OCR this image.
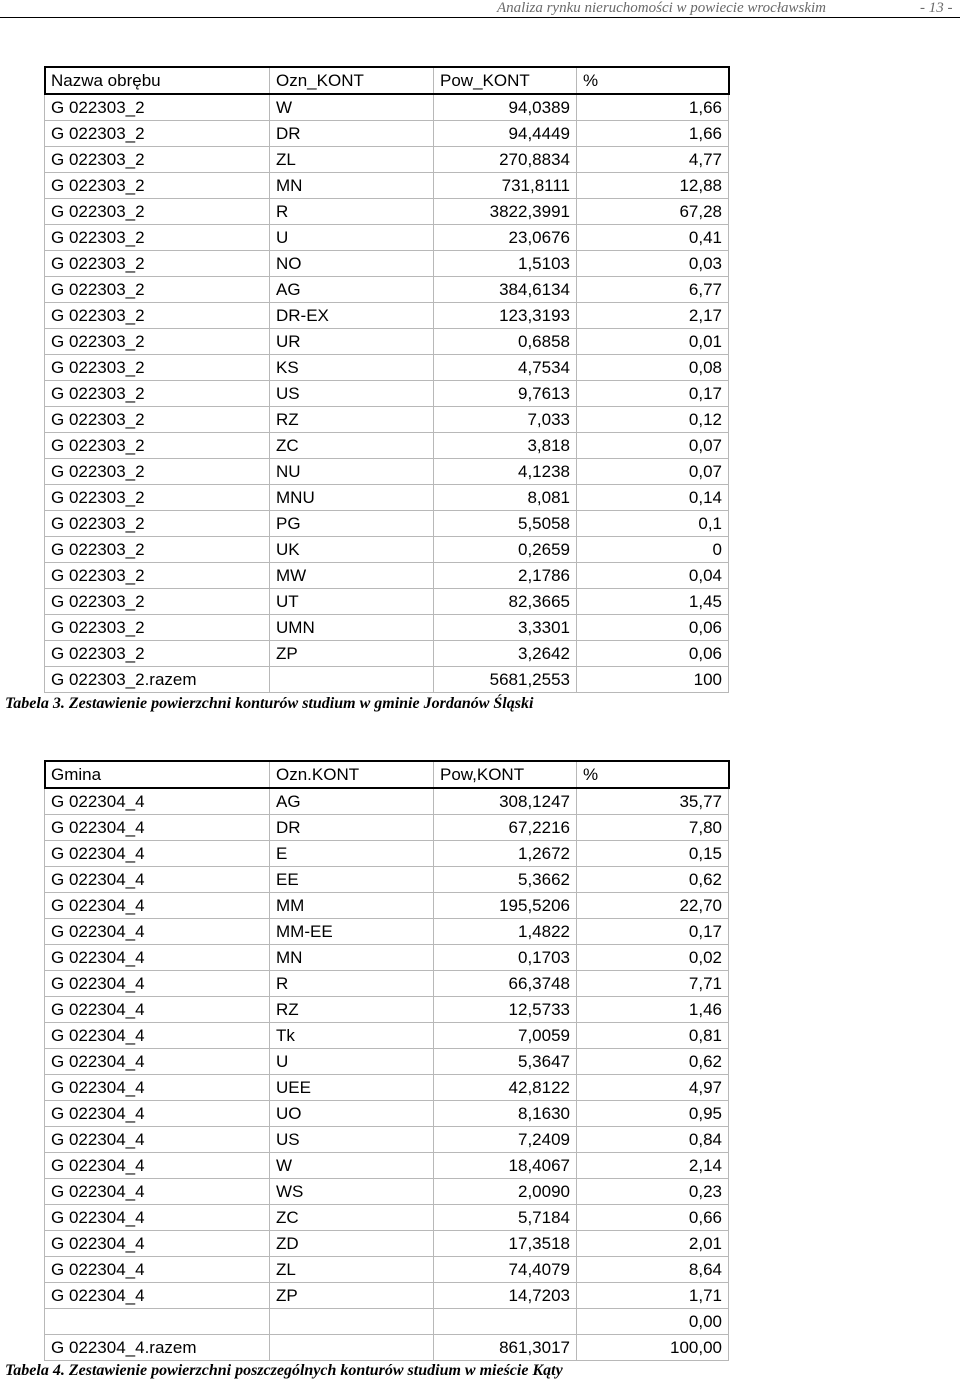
Analiza rynku nieruchomości w powiecie wrocławskim	- 13 -
Nazwa obrębu	Ozn_KONT	Pow_KONT	%
G 022303_2	W	94,0389	1,66
G 022303_2	DR	94,4449	1,66
G 022303_2	ZL	270,8834	4,77
G 022303_2	MN	731,8111	12,88
G 022303_2	R	3822,3991	67,28
G 022303_2	U	23,0676	0,41
G 022303_2	NO	1,5103	0,03
G 022303_2	AG	384,6134	6,77
G 022303_2	DR-EX	123,3193	2,17
G 022303_2	UR	0,6858	0,01
G 022303_2	KS	4,7534	0,08
G 022303_2	US	9,7613	0,17
G 022303_2	RZ	7,033	0,12
G 022303_2	ZC	3,818	0,07
G 022303_2	NU	4,1238	0,07
G 022303_2	MNU	8,081	0,14
G 022303_2	PG	5,5058	0,1
G 022303_2	UK	0,2659	0
G 022303_2	MW	2,1786	0,04
G 022303_2	UT	82,3665	1,45
G 022303_2	UMN	3,3301	0,06
G 022303_2	ZP	3,2642	0,06
G 022303_2.razem		5681,2553	100
Tabela 3. Zestawienie powierzchni konturów studium w gminie Jordanów Śląski
Gmina	Ozn.KONT	Pow,KONT	%
G 022304_4	AG	308,1247	35,77
G 022304_4	DR	67,2216	7,80
G 022304_4	E	1,2672	0,15
G 022304_4	EE	5,3662	0,62
G 022304_4	MM	195,5206	22,70
G 022304_4	MM-EE	1,4822	0,17
G 022304_4	MN	0,1703	0,02
G 022304_4	R	66,3748	7,71
G 022304_4	RZ	12,5733	1,46
G 022304_4	Tk	7,0059	0,81
G 022304_4	U	5,3647	0,62
G 022304_4	UEE	42,8122	4,97
G 022304_4	UO	8,1630	0,95
G 022304_4	US	7,2409	0,84
G 022304_4	W	18,4067	2,14
G 022304_4	WS	2,0090	0,23
G 022304_4	ZC	5,7184	0,66
G 022304_4	ZD	17,3518	2,01
G 022304_4	ZL	74,4079	8,64
G 022304_4	ZP	14,7203	1,71
			0,00
G 022304_4.razem		861,3017	100,00
Tabela 4. Zestawienie powierzchni poszczególnych konturów studium w mieście Kąty
